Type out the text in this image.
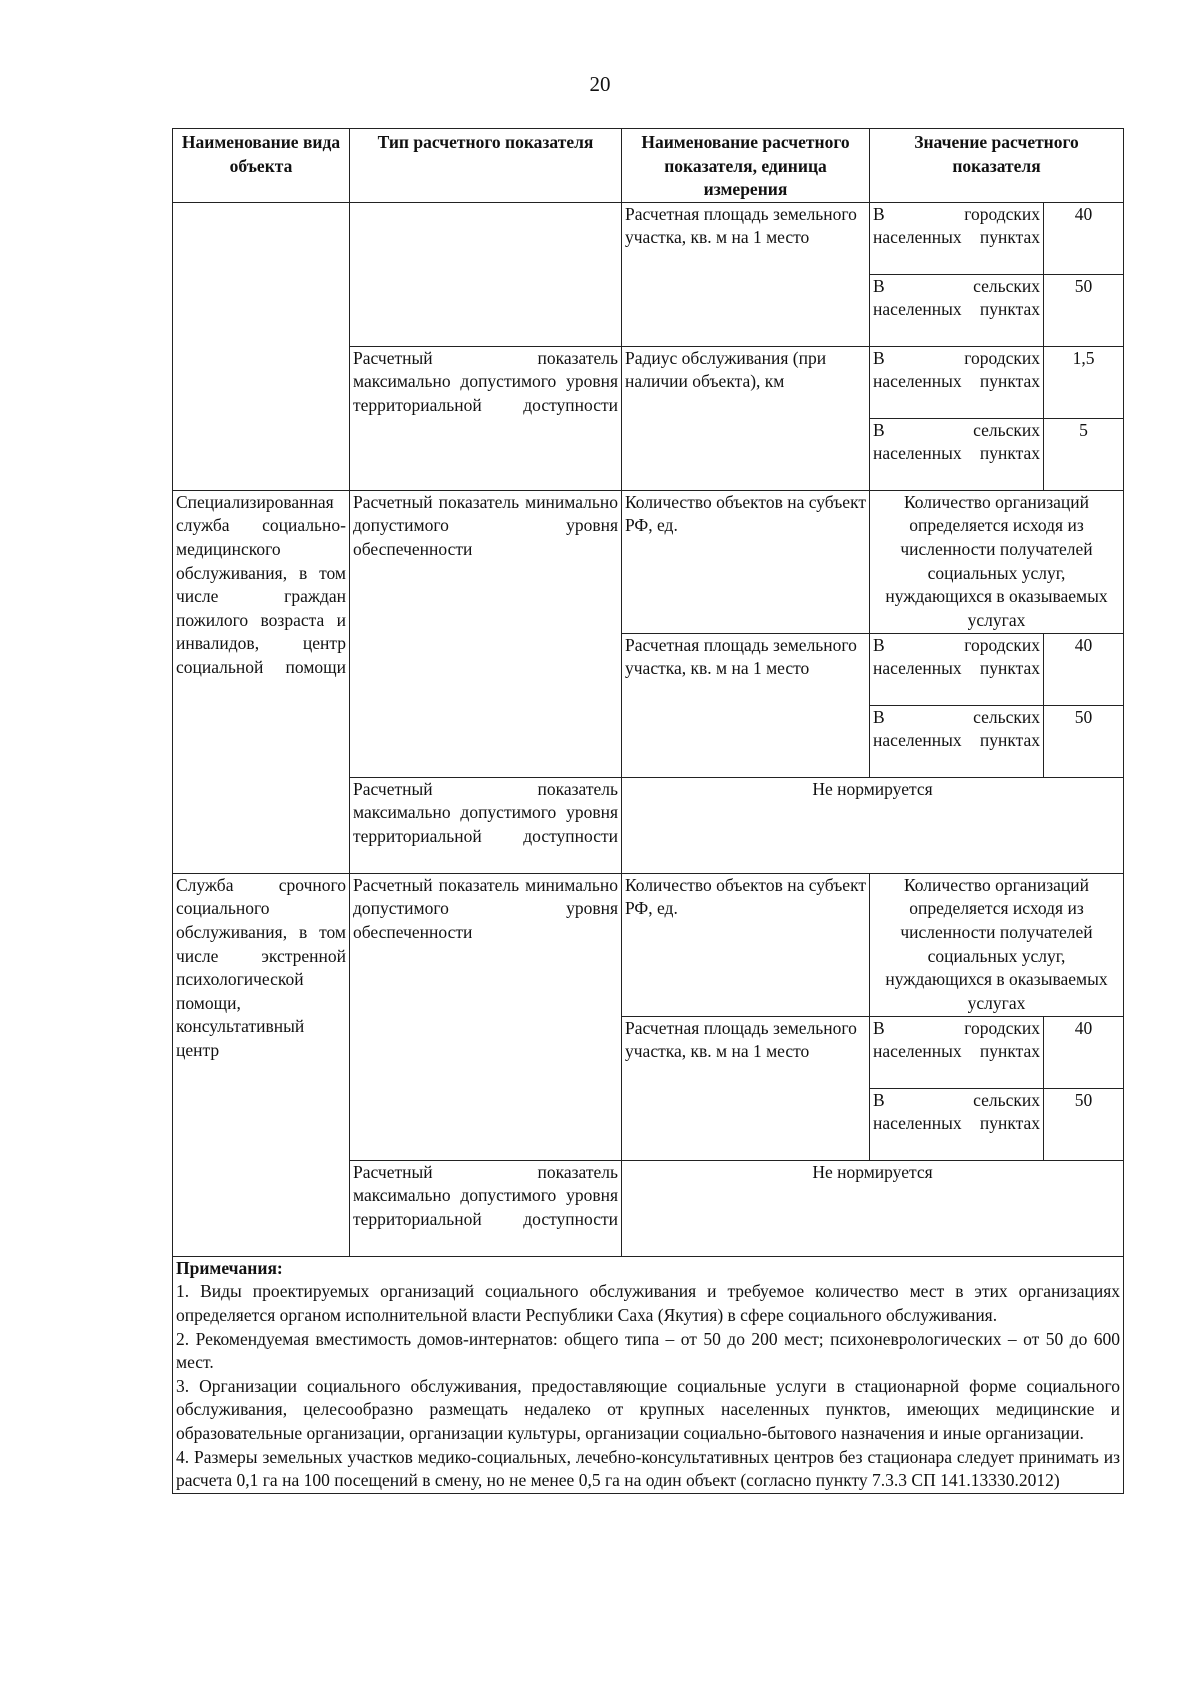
20
Наименование вида объекта	Тип расчетного показателя	Наименование расчетного показателя, единица измерения	Значение расчетного показателя	
		Расчетная площадь земельного участка, кв. м на 1 место	В городских населенных пунктах	40
			В сельских населенных пунктах	50
	Расчетный показатель максимально допустимого уровня территориальной доступности	Радиус обслуживания (при наличии объекта), км	В городских населенных пунктах	1,5
			В сельских населенных пунктах	5
Специализированная служба социально-медицинского обслуживания, в том числе граждан пожилого возраста и инвалидов, центр социальной помощи	Расчетный показатель минимально допустимого уровня обеспеченности	Количество объектов на субъект РФ, ед.	Количество организаций определяется исходя из численности получателей социальных услуг, нуждающихся в оказываемых услугах	
		Расчетная площадь земельного участка, кв. м на 1 место	В городских населенных пунктах	40
			В сельских населенных пунктах	50
	Расчетный показатель максимально допустимого уровня территориальной доступности	Не нормируется		
Служба срочного социального обслуживания, в том числе экстренной психологической помощи, консультативный центр	Расчетный показатель минимально допустимого уровня обеспеченности	Количество объектов на субъект РФ, ед.	Количество организаций определяется исходя из численности получателей социальных услуг, нуждающихся в оказываемых услугах	
		Расчетная площадь земельного участка, кв. м на 1 место	В городских населенных пунктах	40
			В сельских населенных пунктах	50
	Расчетный показатель максимально допустимого уровня территориальной доступности	Не нормируется		

Примечания:

1. Виды проектируемых организаций социального обслуживания и требуемое количество мест в этих организациях определяется органом исполнительной власти Республики Саха (Якутия) в сфере социального обслуживания.

2. Рекомендуемая вместимость домов-интернатов: общего типа – от 50 до 200 мест; психоневрологических – от 50 до 600 мест.

3. Организации социального обслуживания, предоставляющие социальные услуги в стационарной форме социального обслуживания, целесообразно размещать недалеко от крупных населенных пунктов, имеющих медицинские и образовательные организации, организации культуры, организации социально-бытового назначения и иные организации.

4. Размеры земельных участков медико-социальных, лечебно-консультативных центров без стационара следует принимать из расчета 0,1 га на 100 посещений в смену, но не менее 0,5 га на один объект (согласно пункту 7.3.3 СП 141.13330.2012)				
